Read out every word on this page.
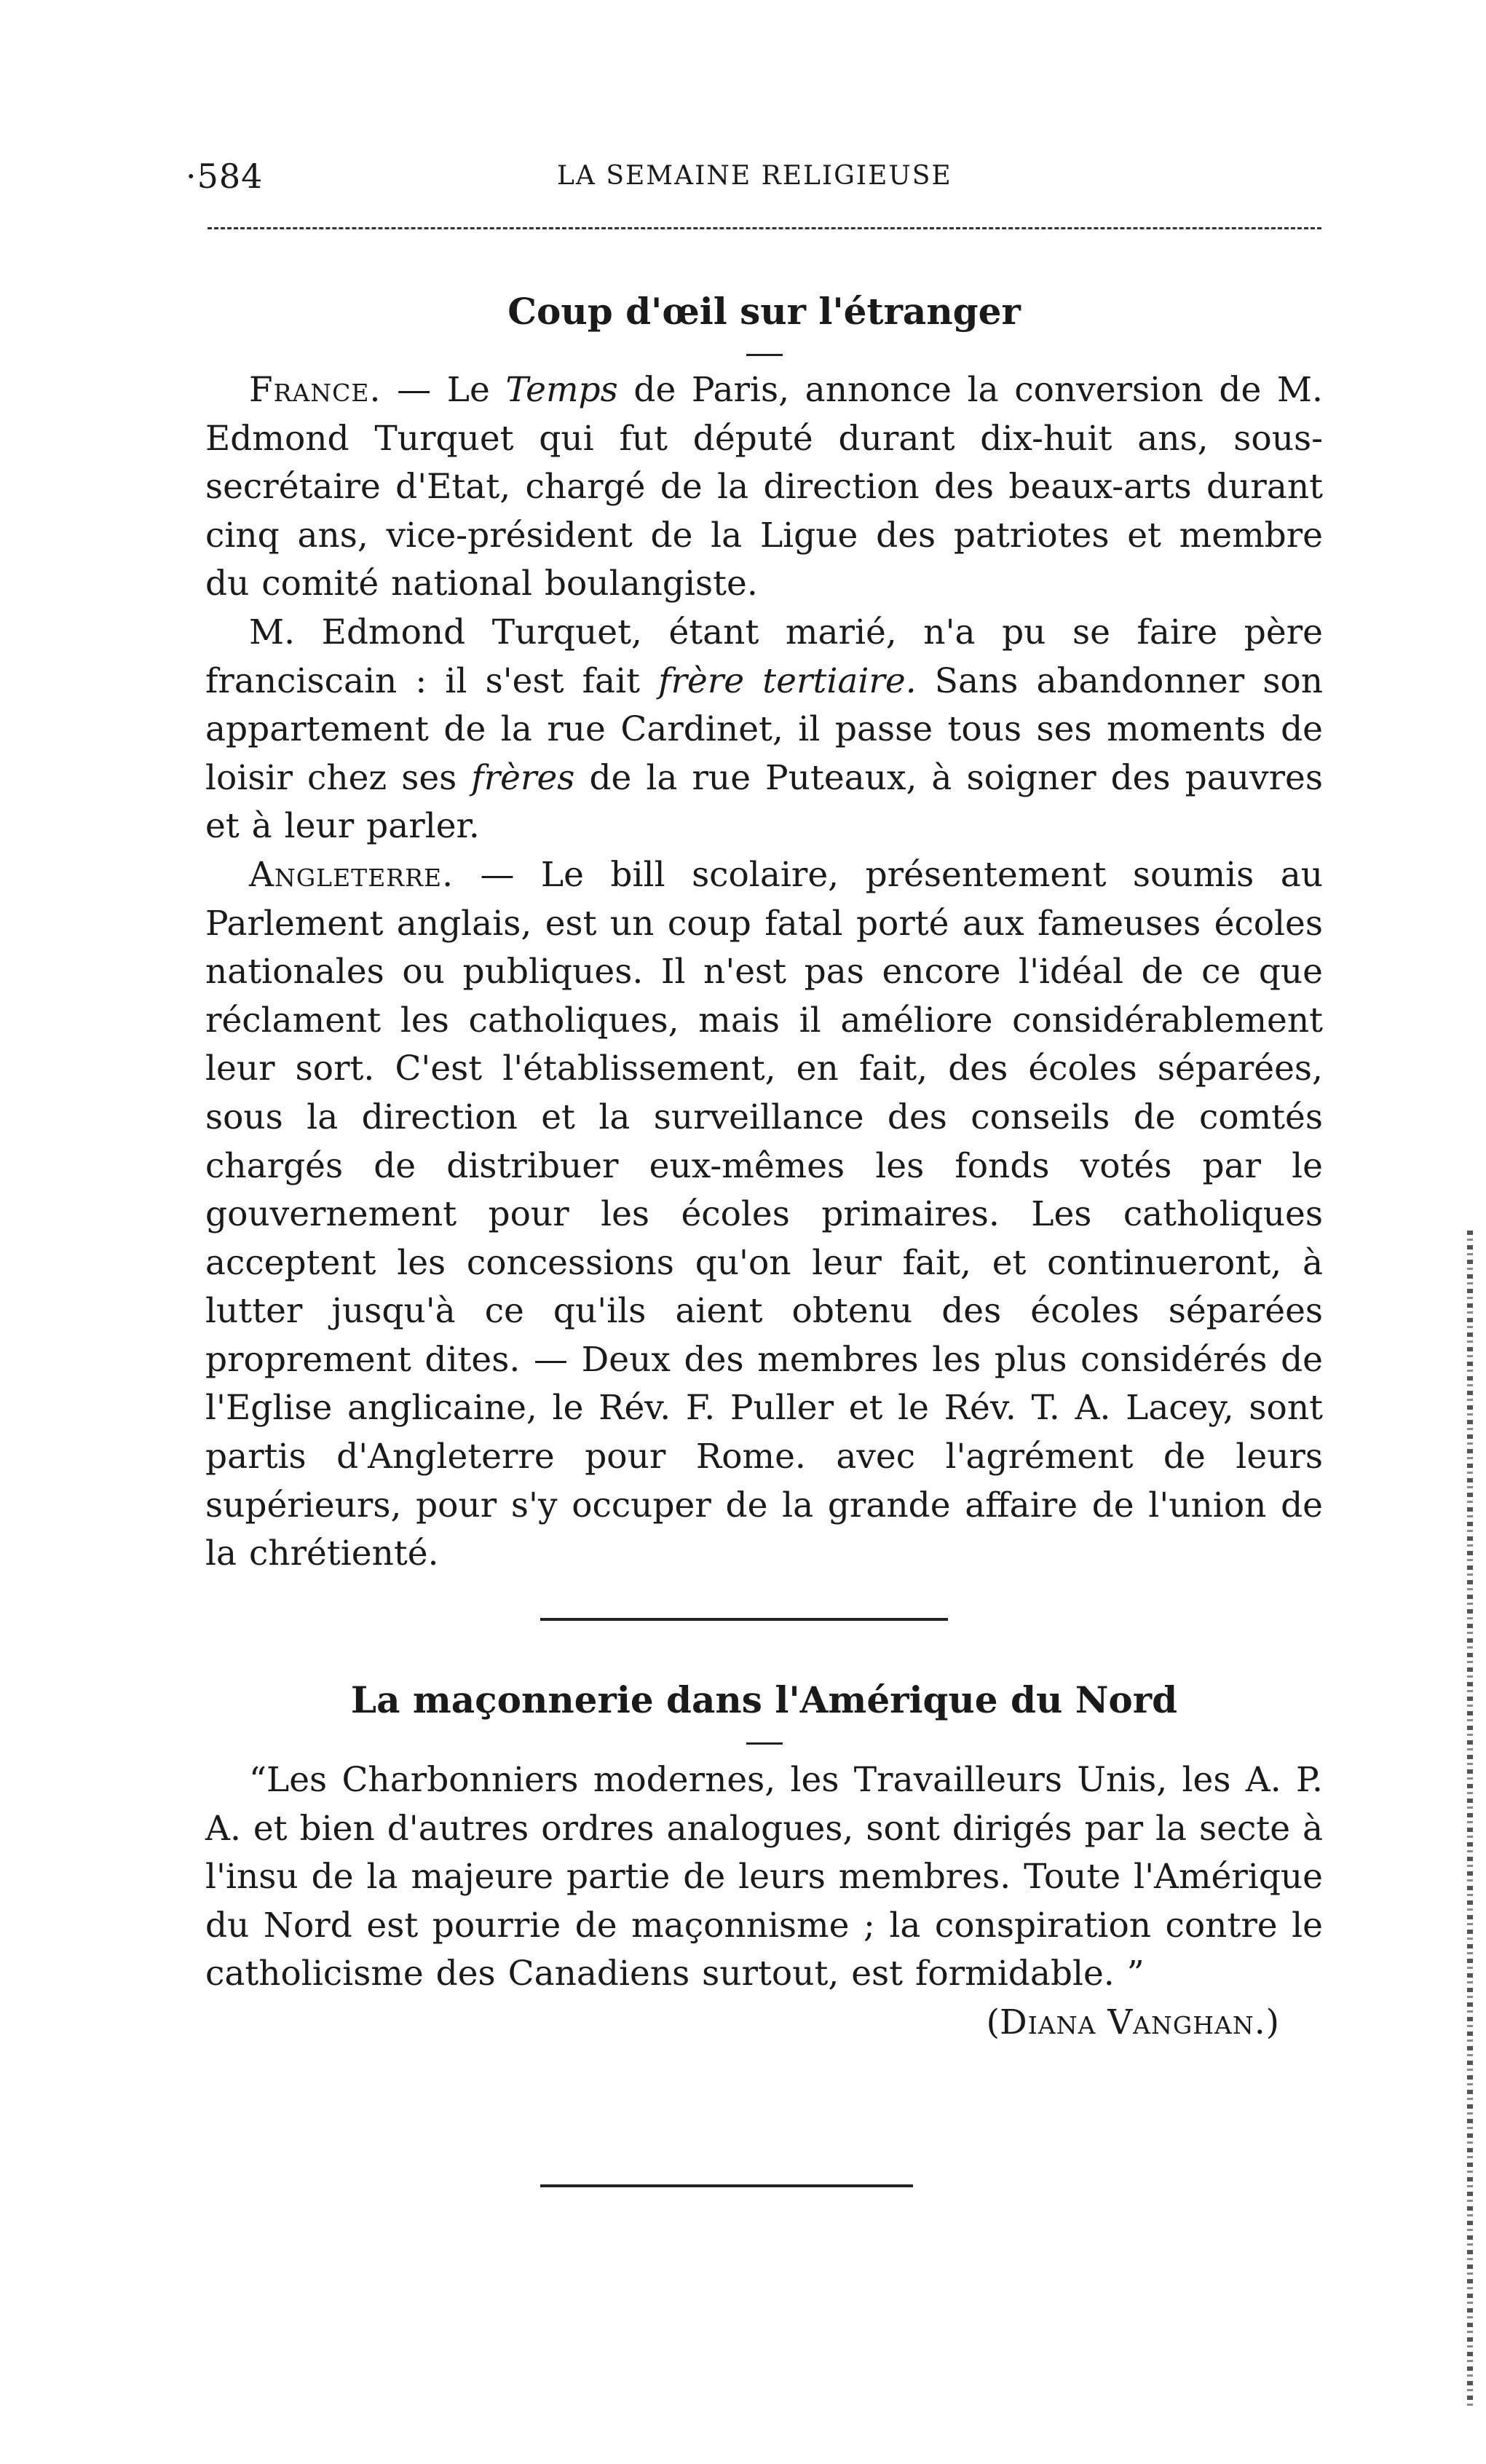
·584	LA SEMAINE RELIGIEUSE
Coup d'œil sur l'étranger

France. — Le Temps de Paris, annonce la conversion de M. Edmond Turquet qui fut député durant dix-huit ans, sous-secrétaire d'Etat, chargé de la direction des beaux-arts durant cinq ans, vice-président de la Ligue des patriotes et membre du comité national boulangiste.

M. Edmond Turquet, étant marié, n'a pu se faire père franciscain : il s'est fait frère tertiaire. Sans abandonner son appartement de la rue Cardinet, il passe tous ses moments de loisir chez ses frères de la rue Puteaux, à soigner des pauvres et à leur parler.

Angleterre. — Le bill scolaire, présentement soumis au Parlement anglais, est un coup fatal porté aux fameuses écoles nationales ou publiques. Il n'est pas encore l'idéal de ce que réclament les catholiques, mais il améliore considérablement leur sort. C'est l'établissement, en fait, des écoles séparées, sous la direction et la surveillance des conseils de comtés chargés de distribuer eux-mêmes les fonds votés par le gouvernement pour les écoles primaires. Les catholiques acceptent les concessions qu'on leur fait, et continueront, à lutter jusqu'à ce qu'ils aient obtenu des écoles séparées proprement dites. — Deux des membres les plus considérés de l'Eglise anglicaine, le Rév. F. Puller et le Rév. T. A. Lacey, sont partis d'Angleterre pour Rome. avec l'agrément de leurs supérieurs, pour s'y occuper de la grande affaire de l'union de la chrétienté.

La maçonnerie dans l'Amérique du Nord

“Les Charbonniers modernes, les Travailleurs Unis, les A. P. A. et bien d'autres ordres analogues, sont dirigés par la secte à l'insu de la majeure partie de leurs membres. Toute l'Amérique du Nord est pourrie de maçonnisme ; la conspiration contre le catholicisme des Canadiens surtout, est formidable. ”

(Diana Vanghan.)
